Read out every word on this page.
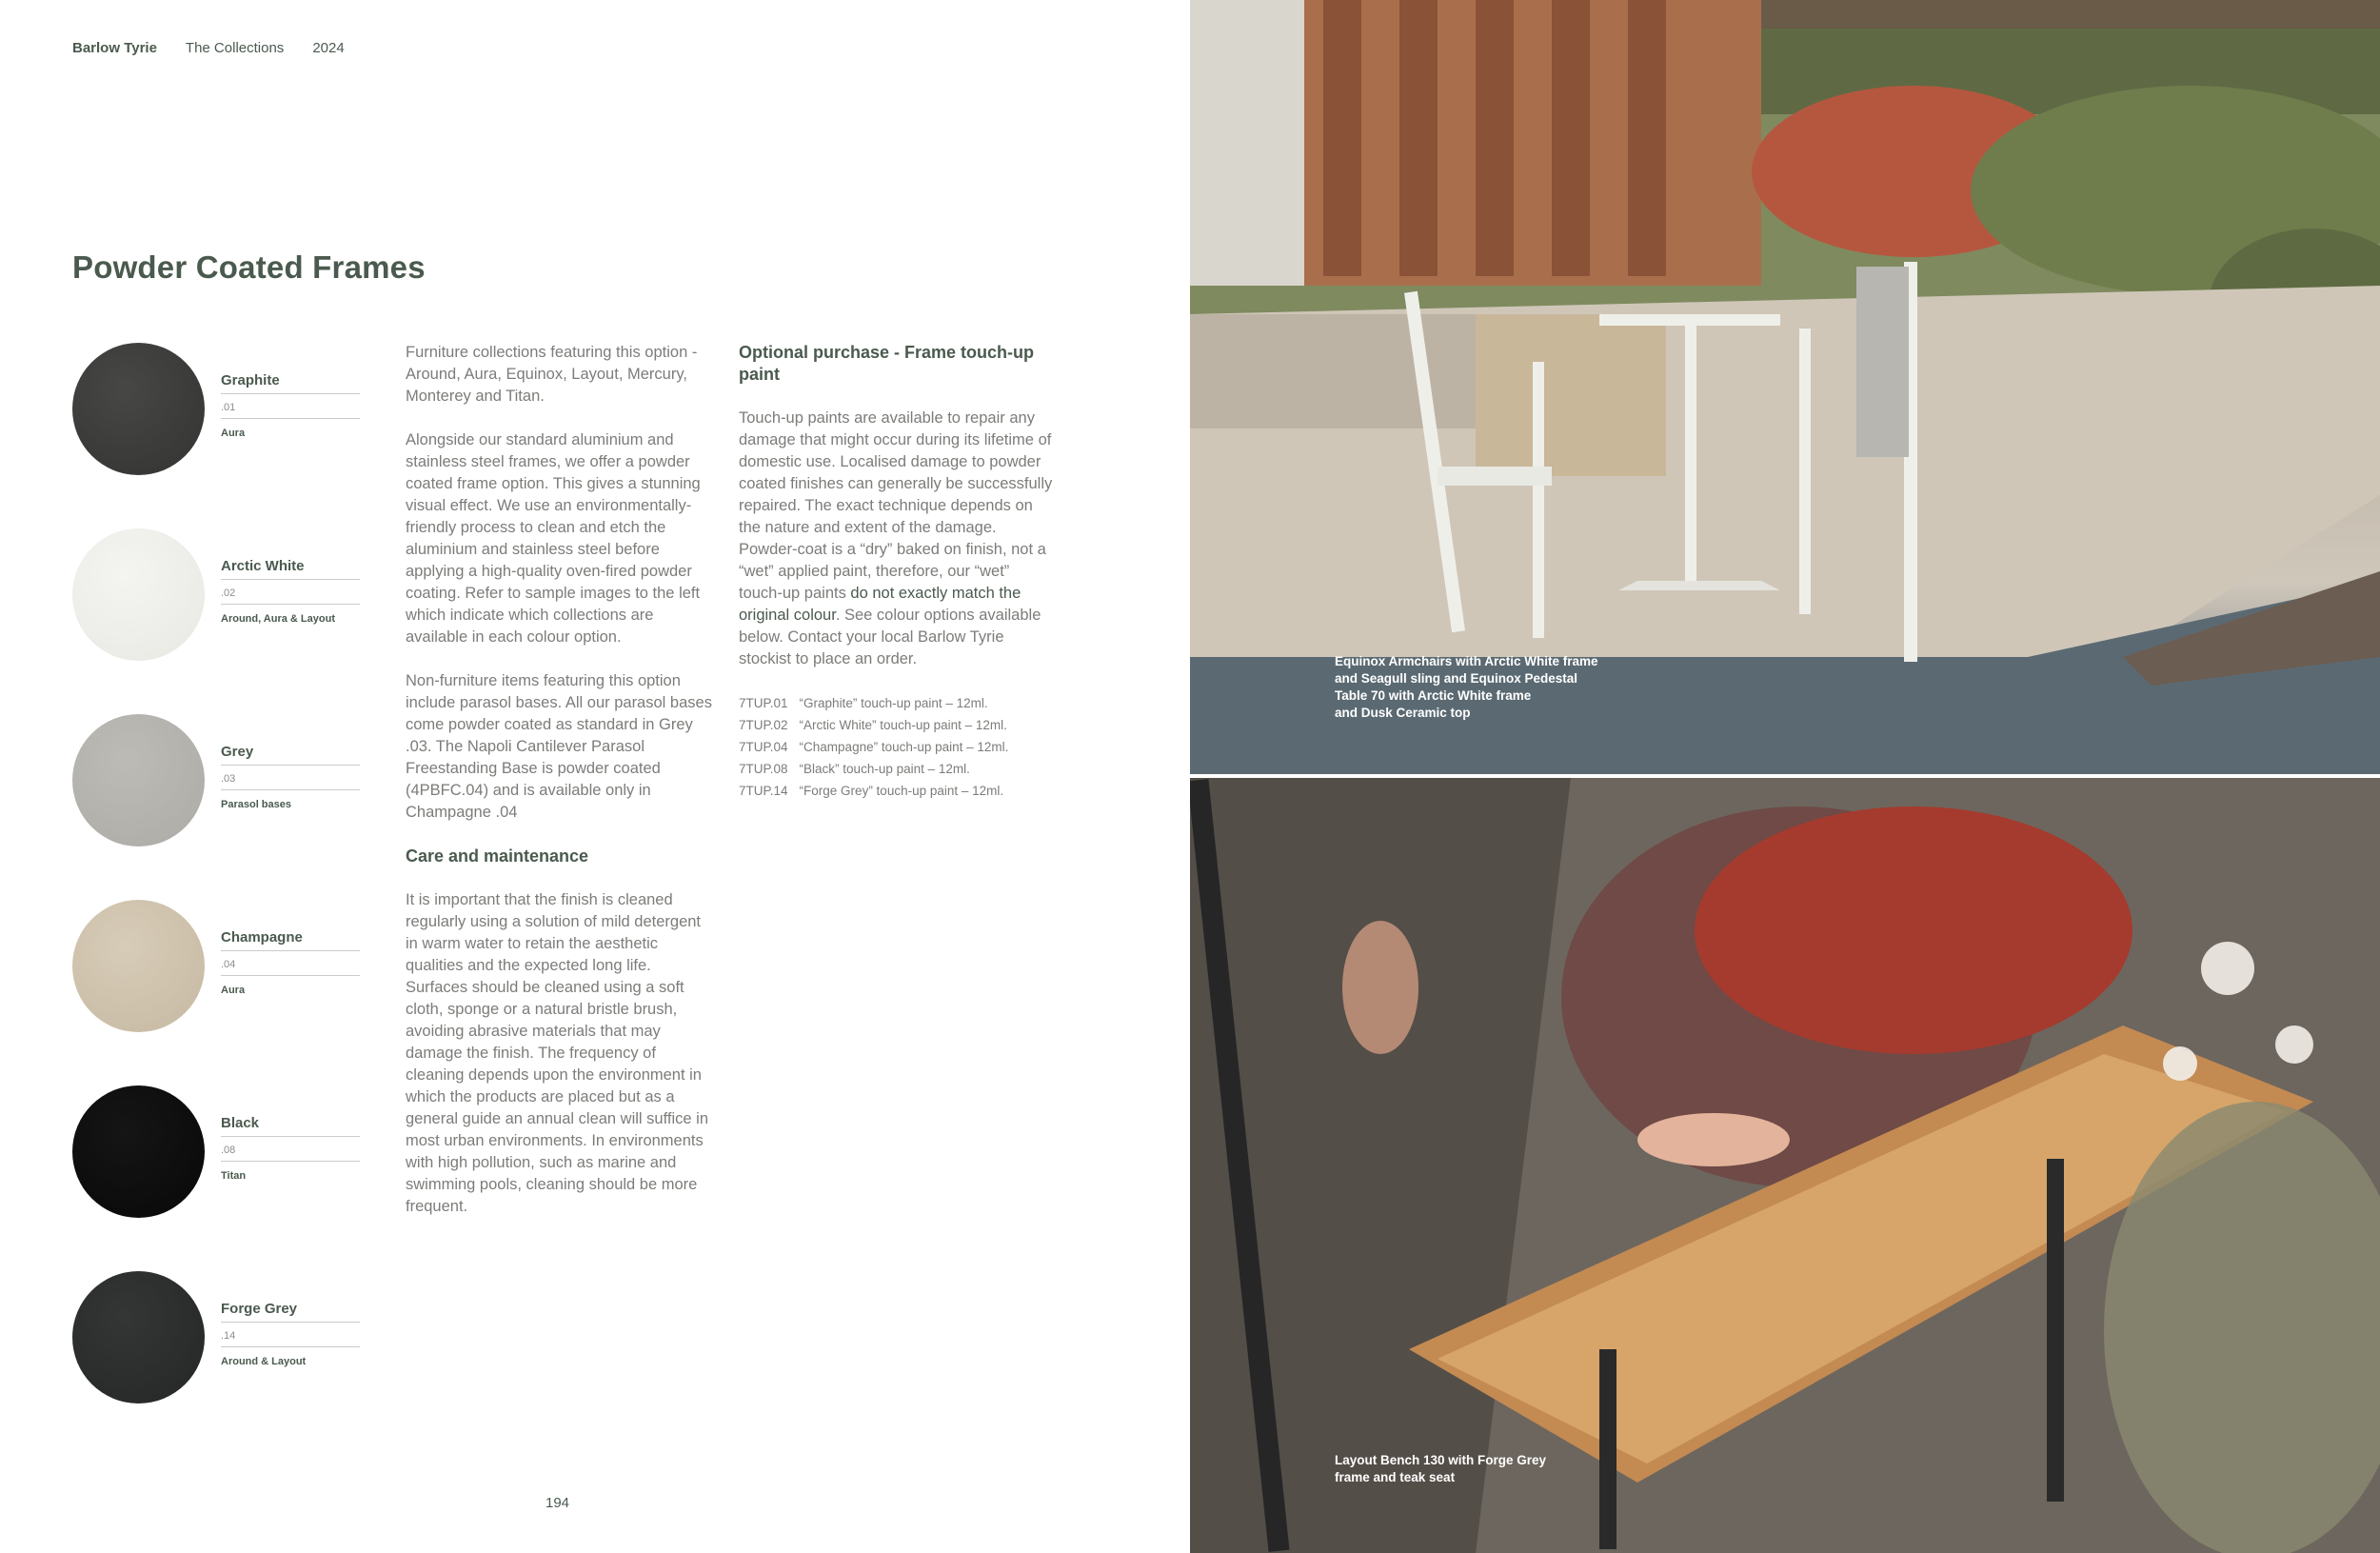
Barlow Tyrie The Collections 2024
Powder Coated Frames
Graphite
.01
Aura
Arctic White
.02
Around, Aura & Layout
Grey
.03
Parasol bases
Champagne
.04
Aura
Black
.08
Titan
Forge Grey
.14
Around & Layout

Furniture collections featuring this option - Around, Aura, Equinox, Layout, Mercury, Monterey and Titan.

Alongside our standard aluminium and stainless steel frames, we offer a powder coated frame option. This gives a stunning visual effect. We use an environmentally-friendly process to clean and etch the aluminium and stainless steel before applying a high-quality oven-fired powder coating. Refer to sample images to the left which indicate which collections are available in each colour option.

Non-furniture items featuring this option include parasol bases. All our parasol bases come powder coated as standard in Grey .03. The Napoli Cantilever Parasol Freestanding Base is powder coated (4PBFC.04) and is available only in Champagne .04

Care and maintenance

It is important that the finish is cleaned regularly using a solution of mild detergent in warm water to retain the aesthetic qualities and the expected long life. Surfaces should be cleaned using a soft cloth, sponge or a natural bristle brush, avoiding abrasive materials that may damage the finish. The frequency of cleaning depends upon the environment in which the products are placed but as a general guide an annual clean will suffice in most urban environments. In environments with high pollution, such as marine and swimming pools, cleaning should be more frequent.

Optional purchase - Frame touch-up paint

Touch-up paints are available to repair any damage that might occur during its lifetime of domestic use. Localised damage to powder coated finishes can generally be successfully repaired. The exact technique depends on the nature and extent of the damage. Powder-coat is a “dry” baked on finish, not a “wet” applied paint, therefore, our “wet” touch-up paints do not exactly match the original colour. See colour options available below. Contact your local Barlow Tyrie stockist to place an order.

7TUP.01 “Graphite” touch-up paint – 12ml.
7TUP.02 “Arctic White” touch-up paint – 12ml.
7TUP.04 “Champagne” touch-up paint – 12ml.
7TUP.08 “Black” touch-up paint – 12ml.
7TUP.14 “Forge Grey” touch-up paint – 12ml.
194
Equinox Armchairs with Arctic White frame
and Seagull sling and Equinox Pedestal
Table 70 with Arctic White frame
and Dusk Ceramic top
Layout Bench 130 with Forge Grey
frame and teak seat
